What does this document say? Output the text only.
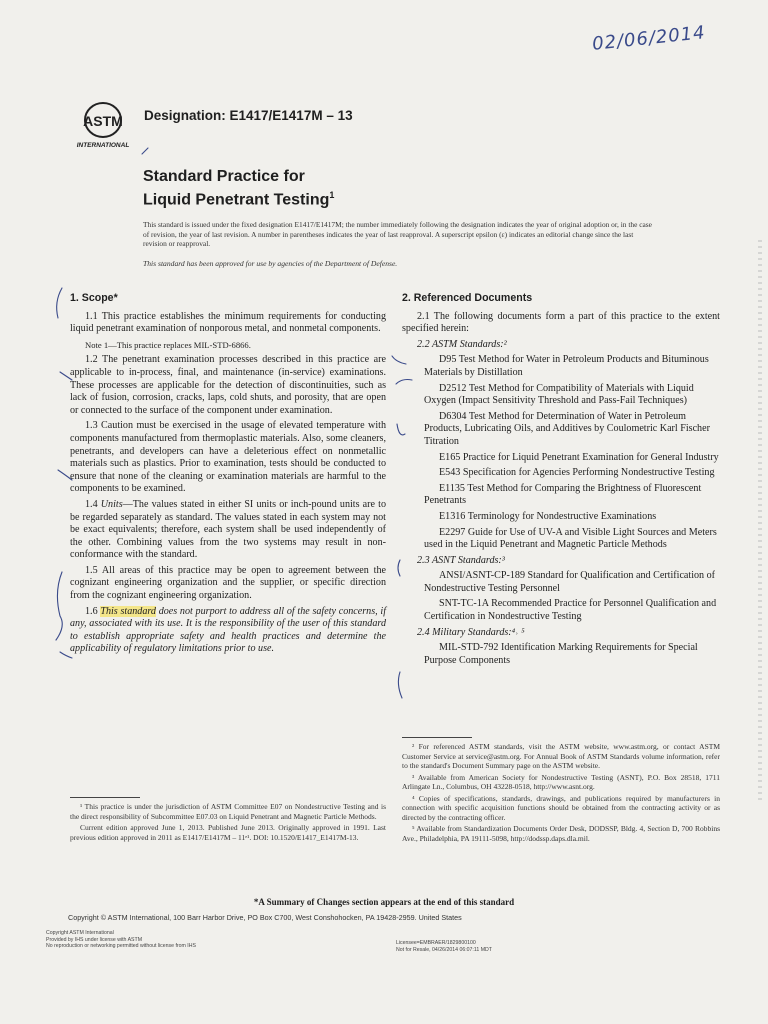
02/06/2014
ASTM
INTERNATIONAL
Designation: E1417/E1417M – 13
Standard Practice for
Liquid Penetrant Testing$^1$
This standard is issued under the fixed designation E1417/E1417M; the number immediately following the designation indicates the year of original adoption or, in the case of revision, the year of last revision. A number in parentheses indicates the year of last reapproval. A superscript epsilon (ε) indicates an editorial change since the last revision or reapproval.
This standard has been approved for use by agencies of the Department of Defense.

1. Scope*

1.1 This practice establishes the minimum requirements for conducting liquid penetrant examination of nonporous metal, and nonmetal components.

Note 1—This practice replaces MIL-STD-6866.

1.2 The penetrant examination processes described in this practice are applicable to in-process, final, and maintenance (in-service) examinations. These processes are applicable for the detection of discontinuities, such as lack of fusion, corrosion, cracks, laps, cold shuts, and porosity, that are open or connected to the surface of the component under examination.

1.3 Caution must be exercised in the usage of elevated temperature with components manufactured from thermoplastic materials. Also, some cleaners, penetrants, and developers can have a deleterious effect on nonmetallic materials such as plastics. Prior to examination, tests should be conducted to ensure that none of the cleaning or examination materials are harmful to the components to be examined.

1.4 Units—The values stated in either SI units or inch-pound units are to be regarded separately as standard. The values stated in each system may not be exact equivalents; therefore, each system shall be used independently of the other. Combining values from the two systems may result in non-conformance with the standard.

1.5 All areas of this practice may be open to agreement between the cognizant engineering organization and the supplier, or specific direction from the cognizant engineering organization.

1.6 This standard does not purport to address all of the safety concerns, if any, associated with its use. It is the responsibility of the user of this standard to establish appropriate safety and health practices and determine the applicability of regulatory limitations prior to use.

¹ This practice is under the jurisdiction of ASTM Committee E07 on Nondestructive Testing and is the direct responsibility of Subcommittee E07.03 on Liquid Penetrant and Magnetic Particle Methods.

Current edition approved June 1, 2013. Published June 2013. Originally approved in 1991. Last previous edition approved in 2011 as E1417/E1417M – 11ᵉ¹. DOI: 10.1520/E1417_E1417M-13.

2. Referenced Documents

2.1 The following documents form a part of this practice to the extent specified herein:

2.2 ASTM Standards:²

D95 Test Method for Water in Petroleum Products and Bituminous Materials by Distillation

D2512 Test Method for Compatibility of Materials with Liquid Oxygen (Impact Sensitivity Threshold and Pass-Fail Techniques)

D6304 Test Method for Determination of Water in Petroleum Products, Lubricating Oils, and Additives by Coulometric Karl Fischer Titration

E165 Practice for Liquid Penetrant Examination for General Industry

E543 Specification for Agencies Performing Nondestructive Testing

E1135 Test Method for Comparing the Brightness of Fluorescent Penetrants

E1316 Terminology for Nondestructive Examinations

E2297 Guide for Use of UV-A and Visible Light Sources and Meters used in the Liquid Penetrant and Magnetic Particle Methods

2.3 ASNT Standards:³

ANSI/ASNT-CP-189 Standard for Qualification and Certification of Nondestructive Testing Personnel

SNT-TC-1A Recommended Practice for Personnel Qualification and Certification in Nondestructive Testing

2.4 Military Standards:⁴˒ ⁵

MIL-STD-792 Identification Marking Requirements for Special Purpose Components

² For referenced ASTM standards, visit the ASTM website, www.astm.org, or contact ASTM Customer Service at service@astm.org. For Annual Book of ASTM Standards volume information, refer to the standard's Document Summary page on the ASTM website.

³ Available from American Society for Nondestructive Testing (ASNT), P.O. Box 28518, 1711 Arlingate Ln., Columbus, OH 43228-0518, http://www.asnt.org.

⁴ Copies of specifications, standards, drawings, and publications required by manufacturers in connection with specific acquisition functions should be obtained from the contracting activity or as directed by the contracting officer.

⁵ Available from Standardization Documents Order Desk, DODSSP, Bldg. 4, Section D, 700 Robbins Ave., Philadelphia, PA 19111-5098, http://dodssp.daps.dla.mil.

*A Summary of Changes section appears at the end of this standard
Copyright © ASTM International, 100 Barr Harbor Drive, PO Box C700, West Conshohocken, PA 19428-2959. United States
Copyright ASTM International
Provided by IHS under license with ASTM
No reproduction or networking permitted without license from IHS	Licensee=EMBRAER/1829800100
Not for Resale, 04/26/2014 06:07:11 MDT
